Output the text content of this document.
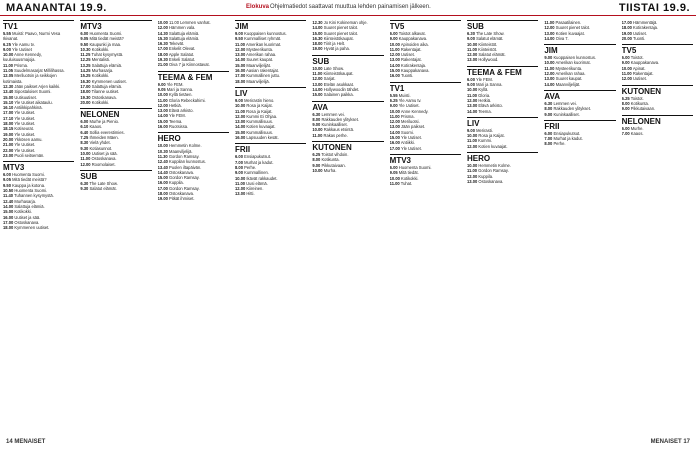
MAANANTAI 19.9.	Elokuva Ohjelmatiedot saattavat muuttua lehden painamisen jälkeen.	TIISTAI 19.9.
TV1
5.55 Muisti: Paavo, Nurmi Vesa Ikivanat.
6.25 Yle Aamu tv.
9.00 Yle Uutiset
10.00 Anne Kennedy, kuuluisuusmajoja.
11.00 Prisma.
11.05 Suudelmasarjat Millilihassa.
12.05 Meriluotsin ja seikkojen kotimaista.
12.30 Jään paikset Arjen kaikki.
13.40 Sipostaloiset Suomi.
15.00 Uutisuutiset.
15.10 Yle Uutiset aikataulu.
16.10 Antiikkipahkinä.
17.00 Yle Uutiset.
17.10 Yle Uutiset.
18.00 Yle Uutiset.
18.15 Kotiseurat.
19.00 Yle Uutiset.
20.00 Ykkösen aamu.
21.00 Yle Uutiset.
22.00 Yle Uutiset.
23.00 Puoli seitsemän.
MTV3
6.00 Huomenta Suomi.
9.05 Mitä tiedät meistä?
9.50 Kauppa ja kotona.
10.50 Huomenta Suomi.
11.40 Tuhannen kysymystä.
12.40 Murhasarja.
14.00 Salattuja elämiä.
15.00 Kotikokki.
16.00 Uutiset ja sää.
17.00 Ostoskanava.
18.00 Kymmenen uutiset.
MTV3
6.00 Huomenta Suomi.
9.05 Mitä tiedät meistä?
9.50 Kaupunki ja maa.
10.30 Kotikokki.
11.25 Tuhat kysymystä.
12.25 Mentalisti.
13.25 Salattuja elämiä.
14.25 Murhasarja.
15.25 Kotikokki.
16.30 Kymmenen uutiset.
17.00 Salattuja elämiä.
18.00 Tilanne uutiset.
19.30 Ostoskanava.
20.00 Kotikokki.
NELONEN
6.00 Murhe ja Pienio.
6.10 Kaaos.
6.40 Sollia everestimies.
7.25 Ihmeiden Mäen.
8.30 Vielä yhdet.
9.30 Kotiasunnot.
10.00 Uutiset ja sää.
11.00 Ostoskanava.
12.00 Roomolaiset.
SUB
6.30 The Late Show.
9.30 Salatut elämät.
10.00 11.00 Lemmen vanhat.
12.00 Hämmen vala.
14.30 Salattuja elämiä.
15.30 Salattuja elämiä.
16.30 Tekevät.
17.00 Enkelit Olevat.
18.00 Apple Salatut.
19.30 Enkeli Salatut.
21.00 Oiva 7 ja Kiinnostavat.
TEEMA & FEM
9.00 Yle FEM.
9.05 Mari ja Sanna.
10.00 Kyllä tietäen.
11.00 Gloria Rebeckahimi.
12.00 Hetkiä.
13.00 Elävä arkisto.
14.00 Yle FEM.
15.00 Teema.
16.00 Ruotsissa.
HERO
10.00 Hemmetin Kolme.
10.30 Maanviljelijä.
11.30 Gordon Ramsay.
12.40 Kuppilan kunnostus.
13.40 Puolen iltapäivän.
14.40 Ostoskanava.
15.00 Gordon Ramsay.
16.00 Kuppila.
17.00 Gordon Ramsay.
18.00 Ostoskanava.
19.00 Pitkät ihmiset.
JIM
9.00 Kuoppaisen kunnostus.
9.50 Kummalliset ryhmät.
11.00 Amerikan kuorimat.
12.00 Mysteerikunta.
13.00 Amerikan rahaa.
14.00 Suuret kaupat.
15.00 Maanviljelijät.
16.00 Aasian rakentajat.
17.00 Kummallinen juttu.
18.00 Maanviljelijä.
LIV
9.00 Merirastin hieno.
10.00 Rosa ja Kaijat.
11.00 Rosa ja Kaijat.
12.00 Kummi Ei Ohjaa.
13.00 Kummallisuus.
14.00 Kotien kuvaajat.
15.00 Kummallisuus.
16.00 Lapsuuden kesät.
FRII
6.00 Ensiapukutsut.
7.00 Murhat ja kadut.
8.00 Perhe.
9.00 Kummallinen.
10.00 Ikävät rakkaudet.
11.00 Uusi elämä.
12.00 Kiireinen.
13.00 Hitti.
12.30 Jo Kini Kokineman ohje.
14.00 Suuret pienet talot.
15.00 Suuret pienet talot.
16.30 Kiinteistökaupat.
18.00 Tiirit ja Helt.
19.00 Hyvät ja paha.
SUB
10.00 Late Show.
11.00 Kiinteistökaupat.
12.00 Sarjat.
13.00 Etelän asukkaat.
14.00 Hollywoodin tähdet.
15.00 Salainen paikka.
AVA
6.30 Lemmen vei.
8.00 Rakkauden ylitykset.
9.00 Kuninkaalliset.
10.00 Rakkaus etsintä.
11.00 Rakas perhe.
KUTONEN
6.25 Toistot vihdoin.
8.00 Kotikunta.
9.00 Pikkutaivaan.
10.00 Murha.
TV5
6.00 Toistot alkavat.
9.00 Kauppakanava.
10.00 Apinoiden aika.
11.00 Rakentajat.
12.00 Uutiset.
13.00 Rakentajat.
14.00 Kotirakentaja.
15.00 Kauppakanava.
16.00 Tuonti.
TV1
5.55 Muisti.
6.25 Yle Aamu tv.
9.00 Yle Uutiset.
10.00 Anne Kennedy.
11.00 Prisma.
12.00 Meriluotsi.
13.00 Jään paikset.
14.00 Suomi.
15.00 Yle Uutiset.
16.00 Antiikki.
17.00 Yle Uutiset.
MTV3
6.00 Huomenta Suomi.
9.05 Mitä tiedät.
10.00 Kotikokki.
11.00 Tuhat.
SUB
6.30 The Late Show.
9.00 Salatut elämät.
10.00 Kiinteistöt.
11.00 Kiinteistöt.
12.00 Salatut elämät.
13.00 Hollywood.
TEEMA & FEM
6.00 Yle FEM.
9.00 Mari ja Sanna.
10.00 Kyllä.
11.00 Gloria.
12.00 Hetkiä.
13.00 Elävä arkisto.
14.00 Teema.
LIV
9.00 Merirasti.
10.00 Rosa ja Kaijat.
11.00 Kummi.
12.00 Kotien kuvaajat.
HERO
10.00 Hemmetin Kolme.
11.00 Gordon Ramsay.
12.00 Kuppila.
13.00 Ostoskanava.
11.00 Pasaatilainen.
12.00 Suuret pienet talot.
13.00 Kotien kuvaajat.
14.00 Oiva 7.
JIM
9.00 Kuoppaisen kunnostus.
10.00 Amerikan kuorimat.
11.00 Mysteerikunta.
12.00 Amerikan rahaa.
13.00 Suuret kaupat.
14.00 Maanviljelijät.
AVA
6.30 Lemmen vei.
8.00 Rakkauden ylitykset.
9.00 Kuninkaalliset.
FRII
6.00 Ensiapukutsut.
7.00 Murhat ja kadut.
8.00 Perhe.
17.00 Hämmentäjä.
18.00 Kotirakentaja.
19.00 Uutiset.
20.00 Tuonti.
TV5
6.00 Toistot.
9.00 Kauppakanava.
10.00 Apinat.
11.00 Rakentajat.
12.00 Uutiset.
KUTONEN
6.25 Toistot.
8.00 Kotikunta.
9.00 Pikkutaivaan.
NELONEN
6.00 Murhe.
7.00 Kaaos.
14 MENAISET	MENAISET 17
